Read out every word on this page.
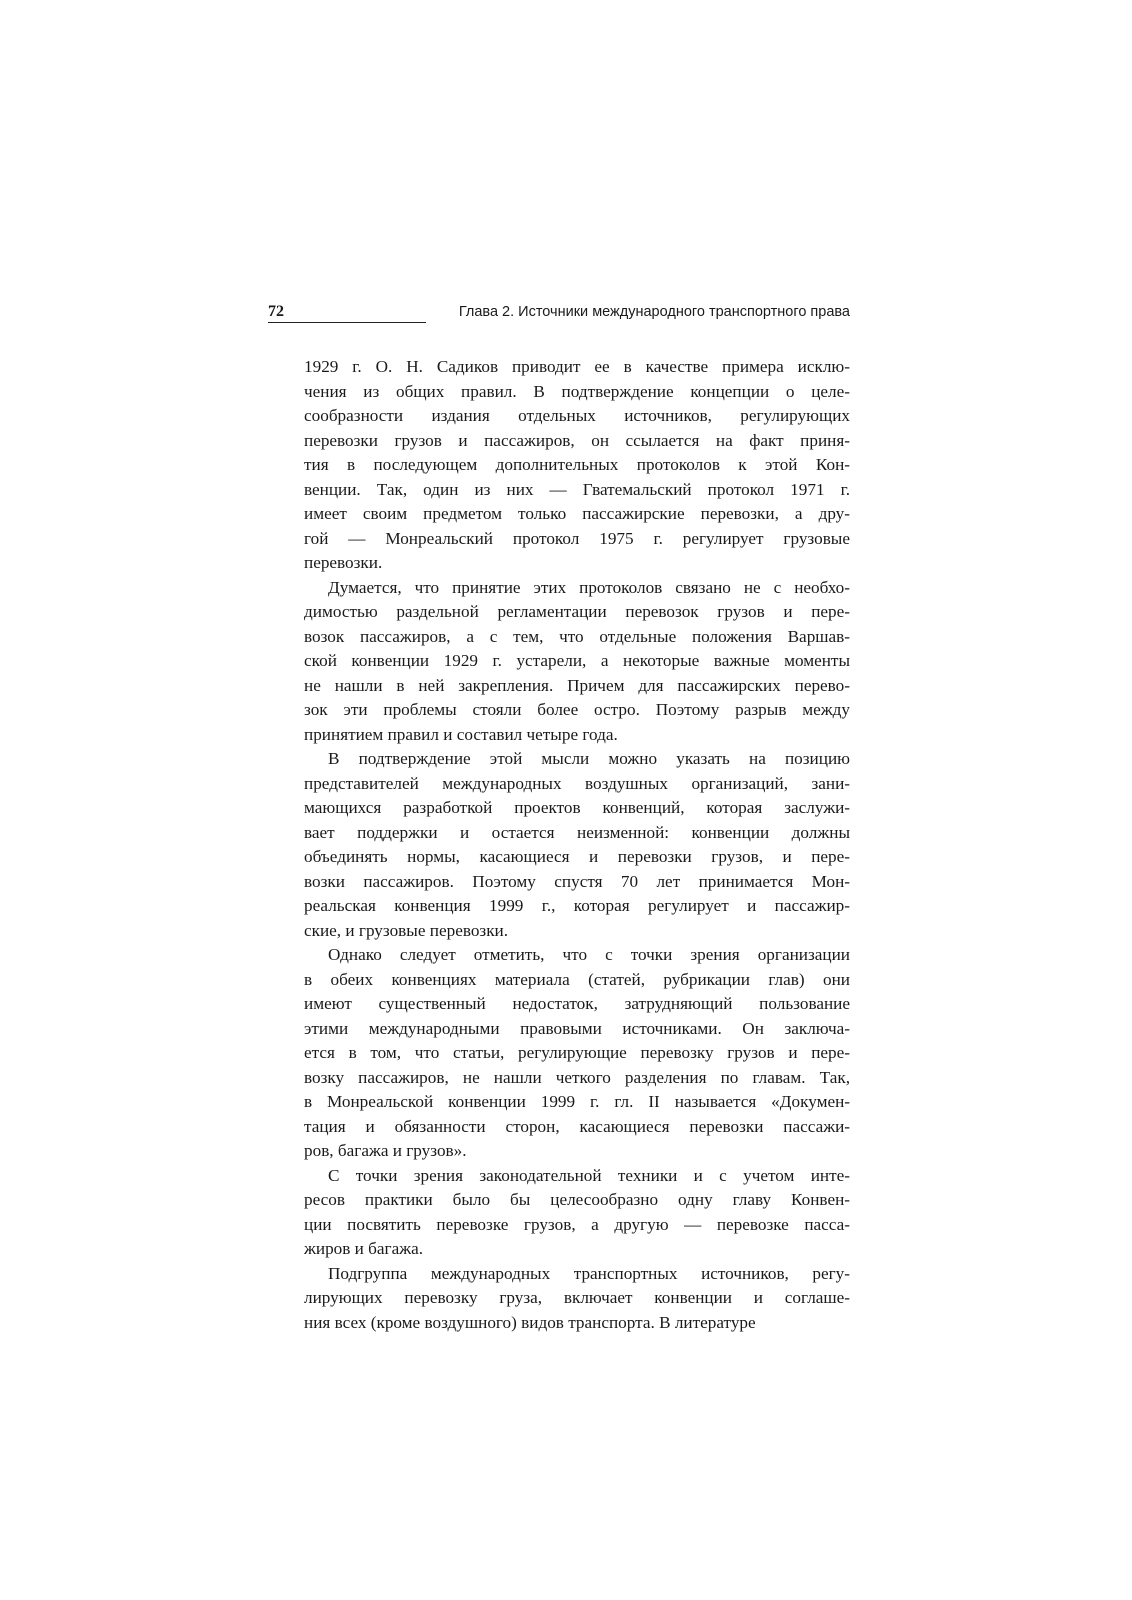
72	Глава 2. Источники международного транспортного права
1929 г. О. Н. Садиков приводит ее в качестве примера исклю-
чения из общих правил. В подтверждение концепции о целе-
сообразности издания отдельных источников, регулирующих
перевозки грузов и пассажиров, он ссылается на факт приня-
тия в последующем дополнительных протоколов к этой Кон-
венции. Так, один из них — Гватемальский протокол 1971 г.
имеет своим предметом только пассажирские перевозки, а дру-
гой — Монреальский протокол 1975 г. регулирует грузовые
перевозки.
Думается, что принятие этих протоколов связано не с необхо-
димостью раздельной регламентации перевозок грузов и пере-
возок пассажиров, а с тем, что отдельные положения Варшав-
ской конвенции 1929 г. устарели, а некоторые важные моменты
не нашли в ней закрепления. Причем для пассажирских перево-
зок эти проблемы стояли более остро. Поэтому разрыв между
принятием правил и составил четыре года.
В подтверждение этой мысли можно указать на позицию
представителей международных воздушных организаций, зани-
мающихся разработкой проектов конвенций, которая заслужи-
вает поддержки и остается неизменной: конвенции должны
объединять нормы, касающиеся и перевозки грузов, и пере-
возки пассажиров. Поэтому спустя 70 лет принимается Мон-
реальская конвенция 1999 г., которая регулирует и пассажир-
ские, и грузовые перевозки.
Однако следует отметить, что с точки зрения организации
в обеих конвенциях материала (статей, рубрикации глав) они
имеют существенный недостаток, затрудняющий пользование
этими международными правовыми источниками. Он заключа-
ется в том, что статьи, регулирующие перевозку грузов и пере-
возку пассажиров, не нашли четкого разделения по главам. Так,
в Монреальской конвенции 1999 г. гл. II называется «Докумен-
тация и обязанности сторон, касающиеся перевозки пассажи-
ров, багажа и грузов».
С точки зрения законодательной техники и с учетом инте-
ресов практики было бы целесообразно одну главу Конвен-
ции посвятить перевозке грузов, а другую — перевозке пасса-
жиров и багажа.
Подгруппа международных транспортных источников, регу-
лирующих перевозку груза, включает конвенции и соглаше-
ния всех (кроме воздушного) видов транспорта. В литературе
